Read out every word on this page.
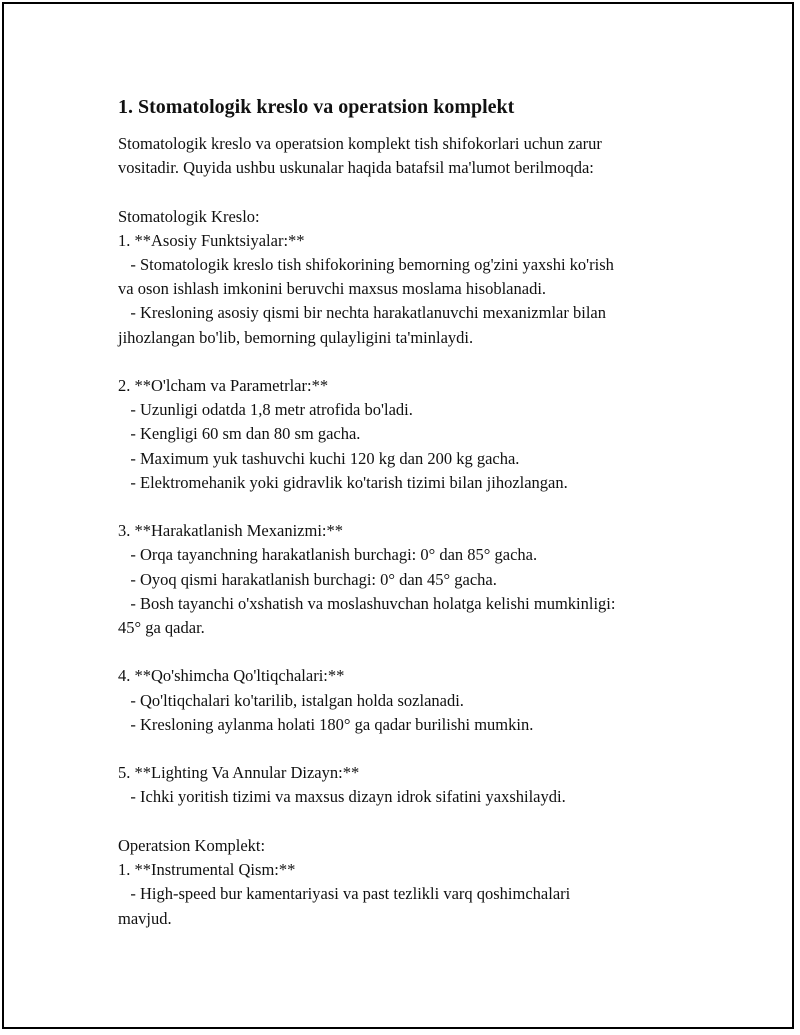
1. Stomatologik kreslo va operatsion komplekt
Stomatologik kreslo va operatsion komplekt tish shifokorlari uchun zarur
vositadir. Quyida ushbu uskunalar haqida batafsil ma'lumot berilmoqda:

Stomatologik Kreslo:
1. **Asosiy Funktsiyalar:**
- Stomatologik kreslo tish shifokorining bemorning og'zini yaxshi ko'rish
va oson ishlash imkonini beruvchi maxsus moslama hisoblanadi.
- Kresloning asosiy qismi bir nechta harakatlanuvchi mexanizmlar bilan
jihozlangan bo'lib, bemorning qulayligini ta'minlaydi.

2. **O'lcham va Parametrlar:**
- Uzunligi odatda 1,8 metr atrofida bo'ladi.
- Kengligi 60 sm dan 80 sm gacha.
- Maximum yuk tashuvchi kuchi 120 kg dan 200 kg gacha.
- Elektromehanik yoki gidravlik ko'tarish tizimi bilan jihozlangan.

3. **Harakatlanish Mexanizmi:**
- Orqa tayanchning harakatlanish burchagi: 0° dan 85° gacha.
- Oyoq qismi harakatlanish burchagi: 0° dan 45° gacha.
- Bosh tayanchi o'xshatish va moslashuvchan holatga kelishi mumkinligi:
45° ga qadar.

4. **Qo'shimcha Qo'ltiqchalari:**
- Qo'ltiqchalari ko'tarilib, istalgan holda sozlanadi.
- Kresloning aylanma holati 180° ga qadar burilishi mumkin.

5. **Lighting Va Annular Dizayn:**
- Ichki yoritish tizimi va maxsus dizayn idrok sifatini yaxshilaydi.

Operatsion Komplekt:
1. **Instrumental Qism:**
- High-speed bur kamentariyasi va past tezlikli varq qoshimchalari
mavjud.
